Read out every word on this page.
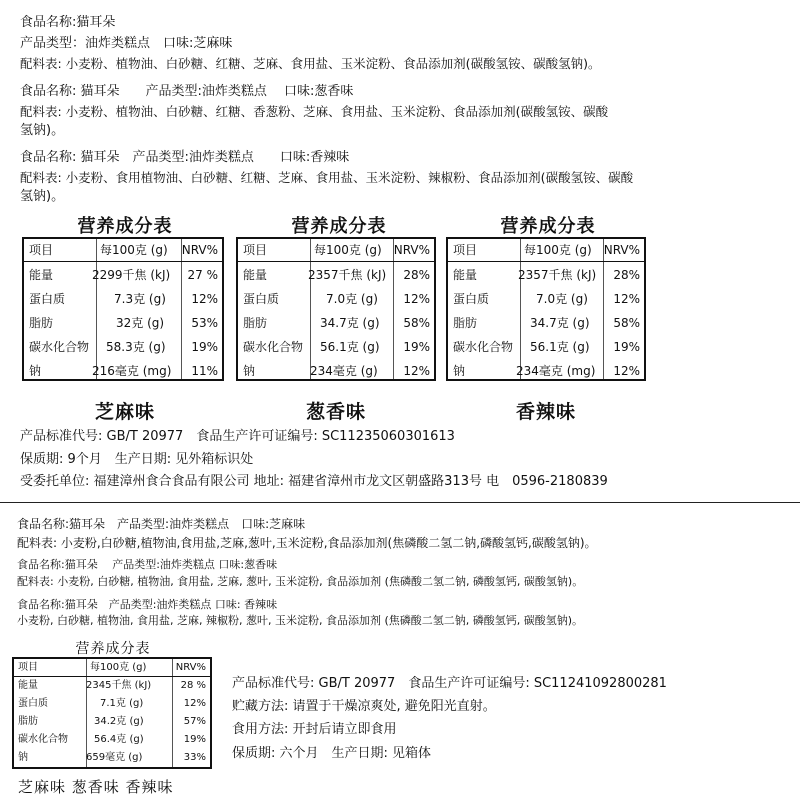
食品名称:猫耳朵
产品类型：油炸类糕点　口味:芝麻味
配料表: 小麦粉、植物油、白砂糖、红糖、芝麻、食用盐、玉米淀粉、食品添加剂(碳酸氢铵、碳酸氢钠)。
食品名称: 猫耳朵　　产品类型:油炸类糕点　 口味:葱香味
配料表: 小麦粉、植物油、白砂糖、红糖、香葱粉、芝麻、食用盐、玉米淀粉、食品添加剂(碳酸氢铵、碳酸
氢钠)。
食品名称: 猫耳朵　产品类型:油炸类糕点　　口味:香辣味
配料表: 小麦粉、食用植物油、白砂糖、红糖、芝麻、食用盐、玉米淀粉、辣椒粉、食品添加剂(碳酸氢铵、碳酸
氢钠)。
营养成分表
项目	每100克 (g) NRV%
能量	2299千焦 (kJ) 27 %
蛋白质	7.3克 (g) 12%
脂肪	32克 (g) 53%
碳水化合物 58.3克 (g) 19%
钠	216毫克 (mg) 11%
芝麻味
营养成分表
项目	每100克 (g) NRV%
能量	2357千焦 (kJ) 28%
蛋白质	7.0克 (g) 12%
脂肪	34.7克 (g) 58%
碳水化合物 56.1克 (g) 19%
钠	234毫克 (g) 12%
葱香味
营养成分表
项目	每100克 (g) NRV%
能量	2357千焦 (kJ) 28%
蛋白质	7.0克 (g) 12%
脂肪	34.7克 (g) 58%
碳水化合物 56.1克 (g) 19%
钠	234毫克 (mg) 12%
香辣味
产品标准代号: GB/T 20977　食品生产许可证编号: SC11235060301613
保质期: 9个月　生产日期: 见外箱标识处
受委托单位: 福建漳州食合食品有限公司 地址: 福建省漳州市龙文区朝盛路313号 电　0596-2180839
食品名称:猫耳朵　产品类型:油炸类糕点　口味:芝麻味
配料表: 小麦粉,白砂糖,植物油,食用盐,芝麻,葱叶,玉米淀粉,食品添加剂(焦磷酸二氢二钠,磷酸氢钙,碳酸氢钠)。
食品名称:猫耳朵　 产品类型:油炸类糕点 口味:葱香味
配料表: 小麦粉, 白砂糖, 植物油, 食用盐, 芝麻, 葱叶, 玉米淀粉, 食品添加剂 (焦磷酸二氢二钠, 磷酸氢钙, 碳酸氢钠)。
食品名称:猫耳朵　产品类型:油炸类糕点 口味: 香辣味
小麦粉, 白砂糖, 植物油, 食用盐, 芝麻, 辣椒粉, 葱叶, 玉米淀粉, 食品添加剂 (焦磷酸二氢二钠, 磷酸氢钙, 碳酸氢钠)。
营养成分表
项目	每100克 (g)	NRV%
能量	2345千焦 (kJ)	28 %
蛋白质	7.1克 (g)	12%
脂肪	34.2克 (g)	57%
碳水化合物	56.4克 (g)	19%
钠	659毫克 (g)	33%
芝麻味 葱香味 香辣味
产品标准代号: GB/T 20977　食品生产许可证编号: SC11241092800281
贮藏方法: 请置于干燥凉爽处, 避免阳光直射。
食用方法: 开封后请立即食用
保质期: 六个月　生产日期: 见箱体
